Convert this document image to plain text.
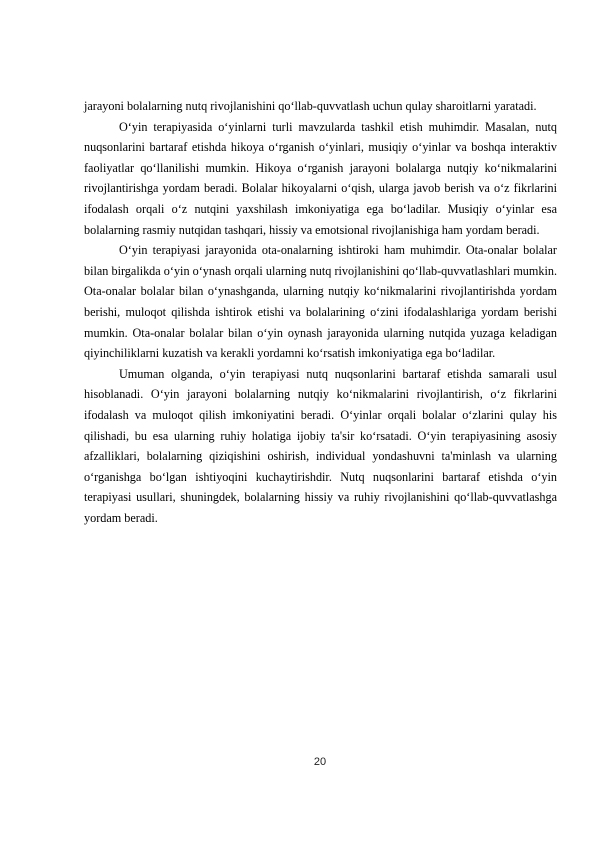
jarayoni bolalarning nutq rivojlanishini qo‘llab-quvvatlash uchun qulay sharoitlarni yaratadi.

O‘yin terapiyasida o‘yinlarni turli mavzularda tashkil etish muhimdir. Masalan, nutq nuqsonlarini bartaraf etishda hikoya o‘rganish o‘yinlari, musiqiy o‘yinlar va boshqa interaktiv faoliyatlar qo‘llanilishi mumkin. Hikoya o‘rganish jarayoni bolalarga nutqiy ko‘nikmalarini rivojlantirishga yordam beradi. Bolalar hikoyalarni o‘qish, ularga javob berish va o‘z fikrlarini ifodalash orqali o‘z nutqini yaxshilash imkoniyatiga ega bo‘ladilar. Musiqiy o‘yinlar esa bolalarning rasmiy nutqidan tashqari, hissiy va emotsional rivojlanishiga ham yordam beradi.

O‘yin terapiyasi jarayonida ota-onalarning ishtiroki ham muhimdir. Ota-onalar bolalar bilan birgalikda o‘yin o‘ynash orqali ularning nutq rivojlanishini qo‘llab-quvvatlashlari mumkin. Ota-onalar bolalar bilan o‘ynashganda, ularning nutqiy ko‘nikmalarini rivojlantirishda yordam berishi, muloqot qilishda ishtirok etishi va bolalarining o‘zini ifodalashlariga yordam berishi mumkin. Ota-onalar bolalar bilan o‘yin oynash jarayonida ularning nutqida yuzaga keladigan qiyinchiliklarni kuzatish va kerakli yordamni ko‘rsatish imkoniyatiga ega bo‘ladilar.

Umuman olganda, o‘yin terapiyasi nutq nuqsonlarini bartaraf etishda samarali usul hisoblanadi. O‘yin jarayoni bolalarning nutqiy ko‘nikmalarini rivojlantirish, o‘z fikrlarini ifodalash va muloqot qilish imkoniyatini beradi. O‘yinlar orqali bolalar o‘zlarini qulay his qilishadi, bu esa ularning ruhiy holatiga ijobiy ta'sir ko‘rsatadi. O‘yin terapiyasining asosiy afzalliklari, bolalarning qiziqishini oshirish, individual yondashuvni ta'minlash va ularning o‘rganishga bo‘lgan ishtiyoqini kuchaytirishdir. Nutq nuqsonlarini bartaraf etishda o‘yin terapiyasi usullari, shuningdek, bolalarning hissiy va ruhiy rivojlanishini qo‘llab-quvvatlashga yordam beradi.

20
